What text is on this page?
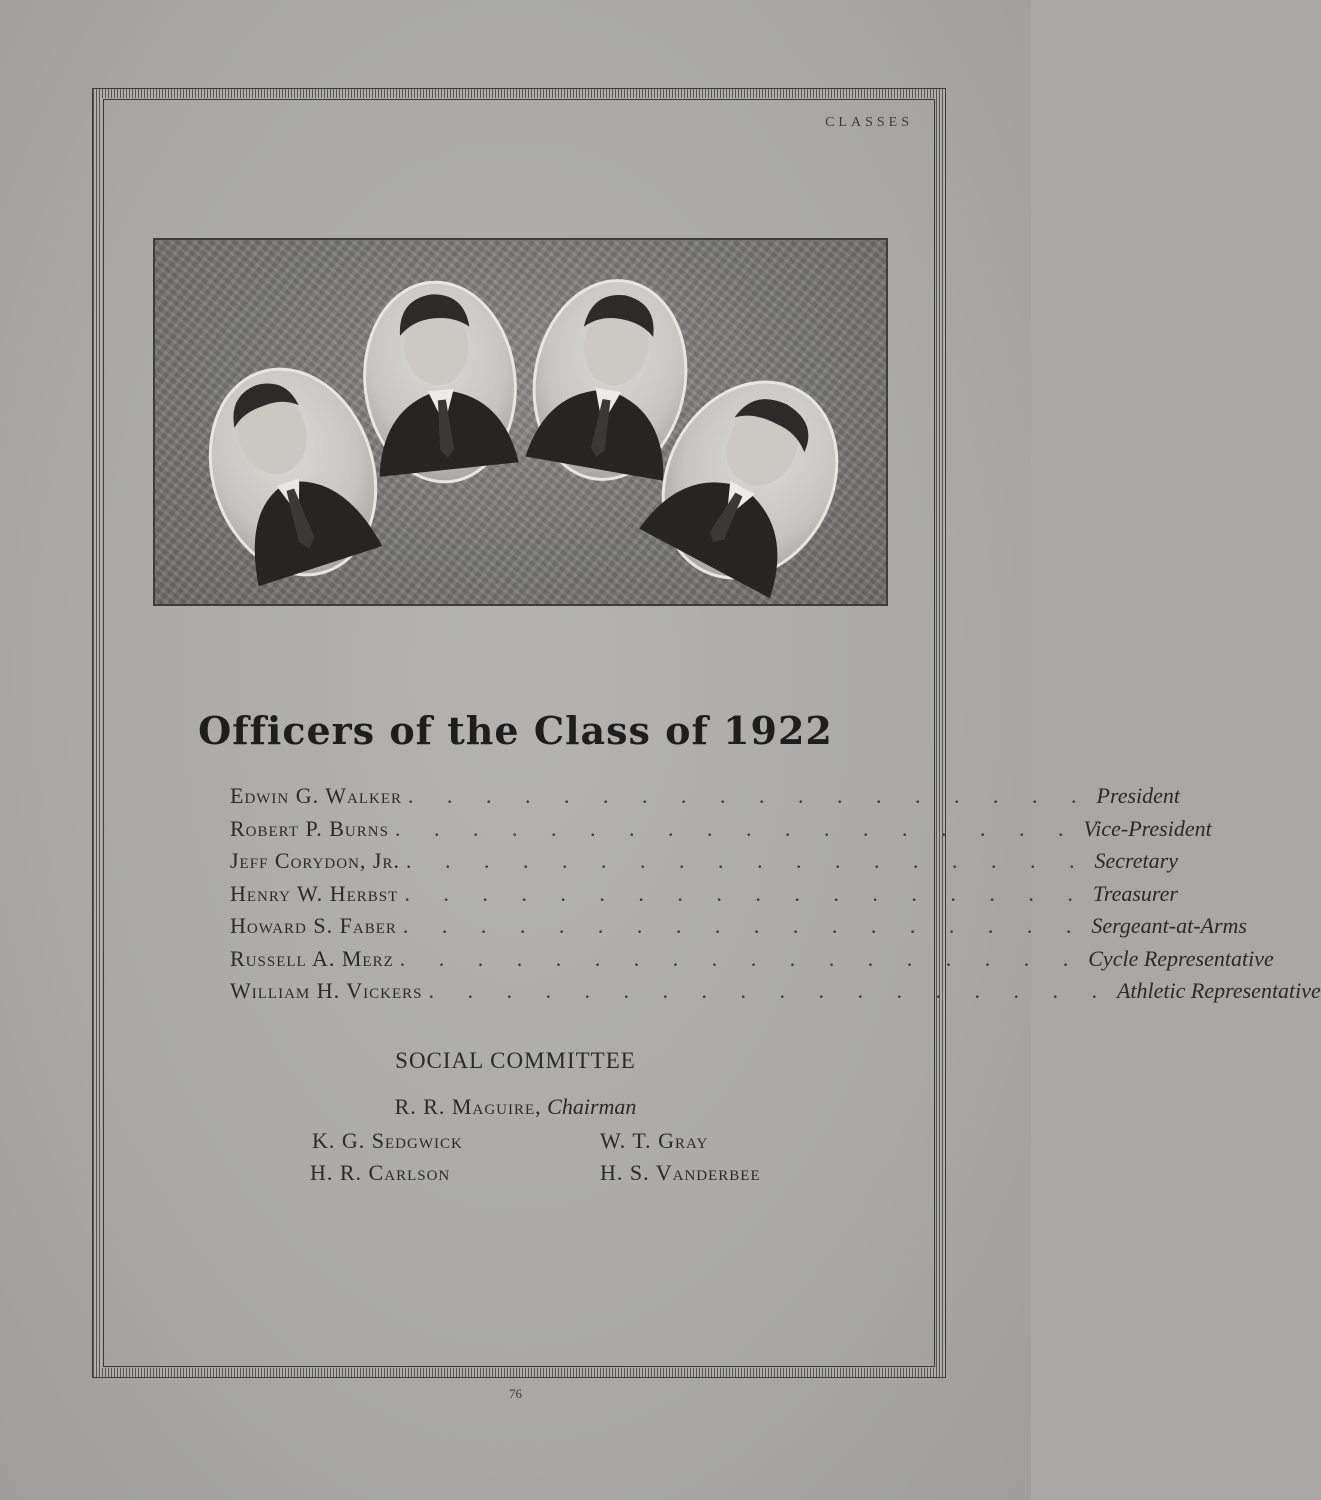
CLASSES
Officers of the Class of 1922
Edwin G. Walker . . . . . . . . . . . . . . . . . . President
Robert P. Burns . . . . . . . . . . . . . . . . . . Vice-President
Jeff Corydon, Jr. . . . . . . . . . . . . . . . . . . Secretary
Henry W. Herbst . . . . . . . . . . . . . . . . . . Treasurer
Howard S. Faber . . . . . . . . . . . . . . . . . . Sergeant-at-Arms
Russell A. Merz . . . . . . . . . . . . . . . . . . Cycle Representative
William H. Vickers . . . . . . . . . . . . . . . . . . Athletic Representative
SOCIAL COMMITTEE
R. R. Maguire, Chairman
K. G. Sedgwick	W. T. Gray
H. R. Carlson	H. S. Vanderbee
76
